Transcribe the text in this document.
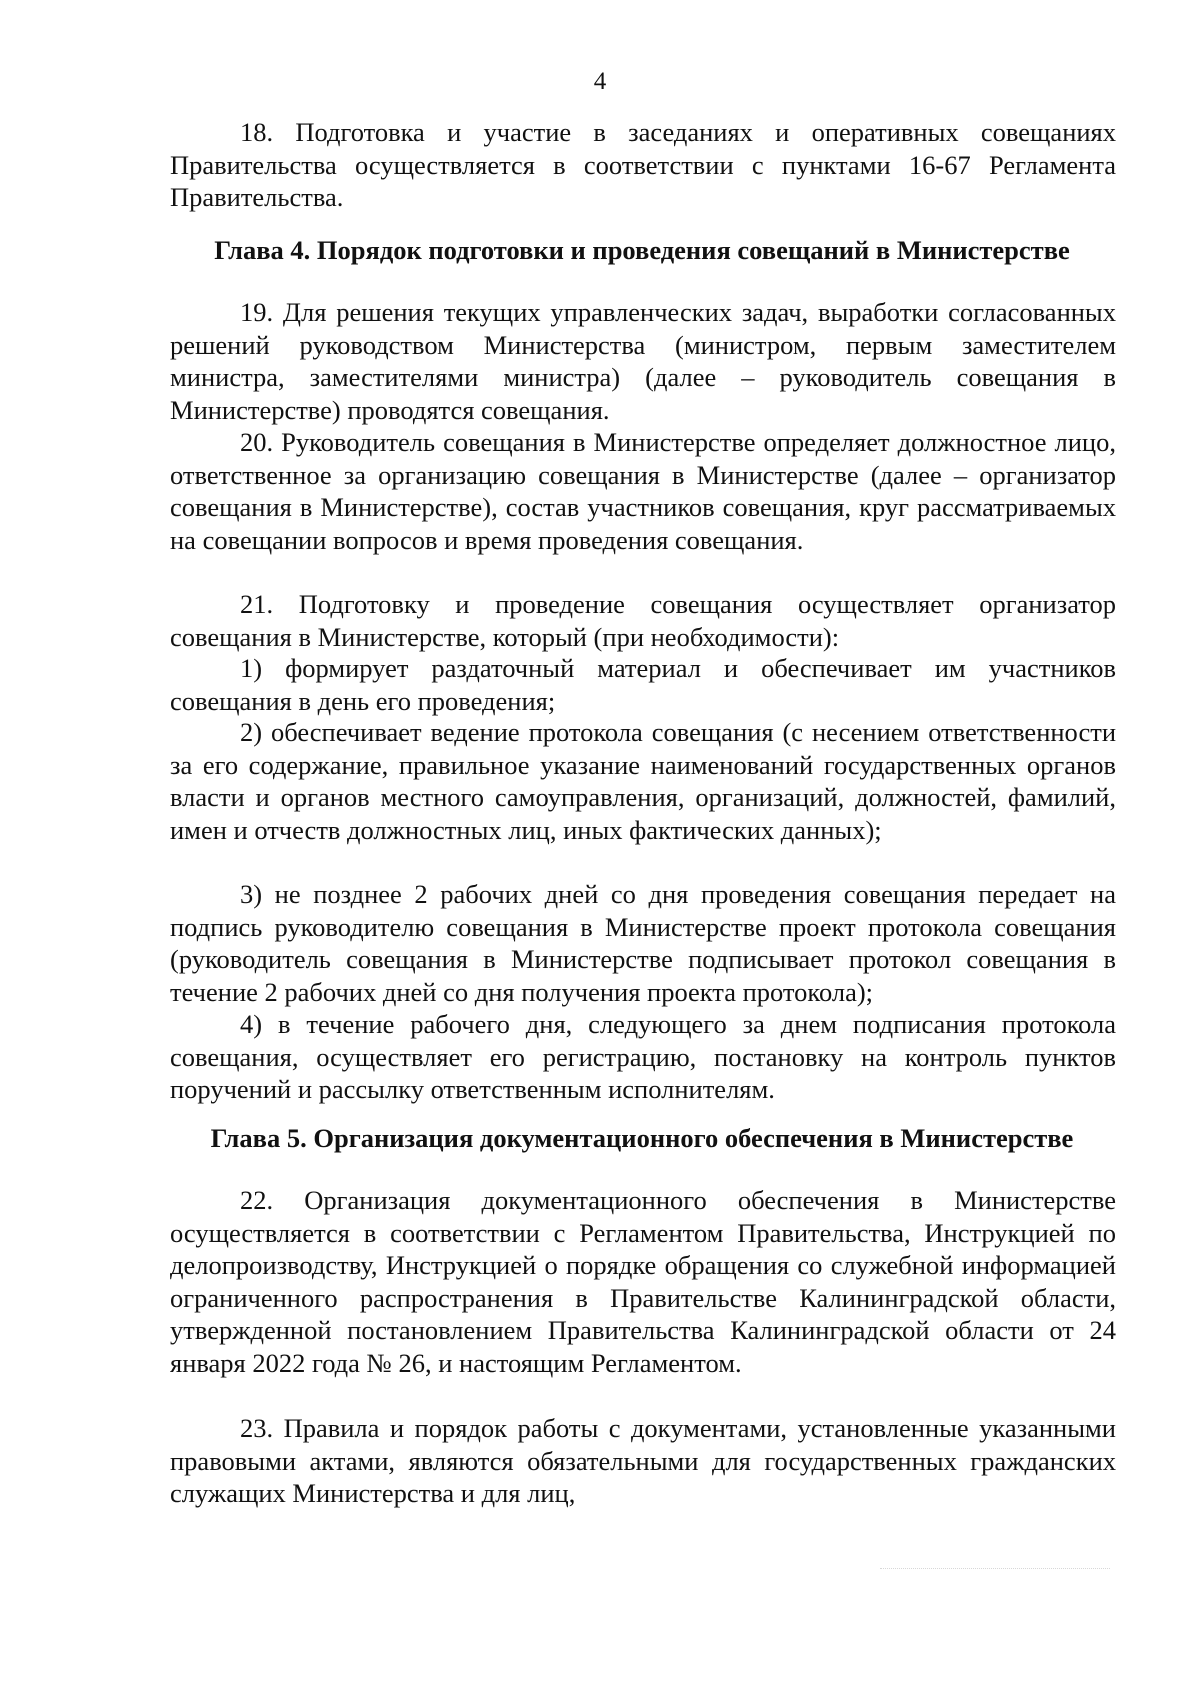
4
18. Подготовка и участие в заседаниях и оперативных совещаниях Правительства осуществляется в соответствии с пунктами 16-67 Регламента Правительства.
Глава 4. Порядок подготовки и проведения совещаний в Министерстве
19. Для решения текущих управленческих задач, выработки согласованных решений руководством Министерства (министром, первым заместителем министра, заместителями министра) (далее – руководитель совещания в Министерстве) проводятся совещания.
20. Руководитель совещания в Министерстве определяет должностное лицо, ответственное за организацию совещания в Министерстве (далее – организатор совещания в Министерстве), состав участников совещания, круг рассматриваемых на совещании вопросов и время проведения совещания.
21. Подготовку и проведение совещания осуществляет организатор совещания в Министерстве, который (при необходимости):
1) формирует раздаточный материал и обеспечивает им участников совещания в день его проведения;
2) обеспечивает ведение протокола совещания (с несением ответственности за его содержание, правильное указание наименований государственных органов власти и органов местного самоуправления, организаций, должностей, фамилий, имен и отчеств должностных лиц, иных фактических данных);
3) не позднее 2 рабочих дней со дня проведения совещания передает на подпись руководителю совещания в Министерстве проект протокола совещания (руководитель совещания в Министерстве подписывает протокол совещания в течение 2 рабочих дней со дня получения проекта протокола);
4) в течение рабочего дня, следующего за днем подписания протокола совещания, осуществляет его регистрацию, постановку на контроль пунктов поручений и рассылку ответственным исполнителям.
Глава 5. Организация документационного обеспечения в Министерстве
22. Организация документационного обеспечения в Министерстве осуществляется в соответствии с Регламентом Правительства, Инструкцией по делопроизводству, Инструкцией о порядке обращения со служебной информацией ограниченного распространения в Правительстве Калининградской области, утвержденной постановлением Правительства Калининградской области от 24 января 2022 года № 26, и настоящим Регламентом.
23. Правила и порядок работы с документами, установленные указанными правовыми актами, являются обязательными для государственных гражданских служащих Министерства и для лиц,
